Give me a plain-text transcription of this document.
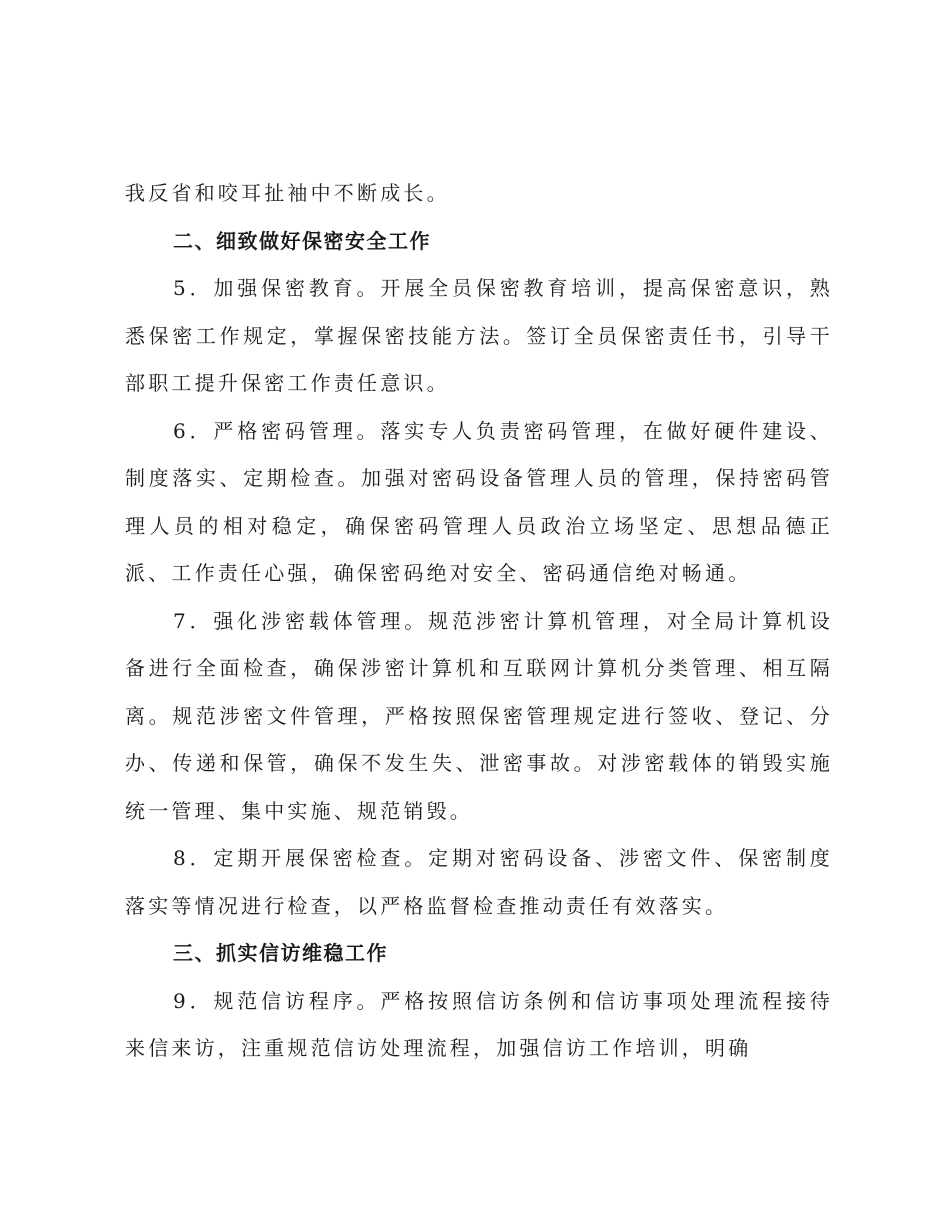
我反省和咬耳扯袖中不断成长。

二、细致做好保密安全工作

5．加强保密教育。开展全员保密教育培训，提高保密意识，熟悉保密工作规定，掌握保密技能方法。签订全员保密责任书，引导干部职工提升保密工作责任意识。

6．严格密码管理。落实专人负责密码管理，在做好硬件建设、制度落实、定期检查。加强对密码设备管理人员的管理，保持密码管理人员的相对稳定，确保密码管理人员政治立场坚定、思想品德正派、工作责任心强，确保密码绝对安全、密码通信绝对畅通。

7．强化涉密载体管理。规范涉密计算机管理，对全局计算机设备进行全面检查，确保涉密计算机和互联网计算机分类管理、相互隔离。规范涉密文件管理，严格按照保密管理规定进行签收、登记、分办、传递和保管，确保不发生失、泄密事故。对涉密载体的销毁实施统一管理、集中实施、规范销毁。

8．定期开展保密检查。定期对密码设备、涉密文件、保密制度落实等情况进行检查，以严格监督检查推动责任有效落实。

三、抓实信访维稳工作

9．规范信访程序。严格按照信访条例和信访事项处理流程接待来信来访，注重规范信访处理流程，加强信访工作培训，明确
